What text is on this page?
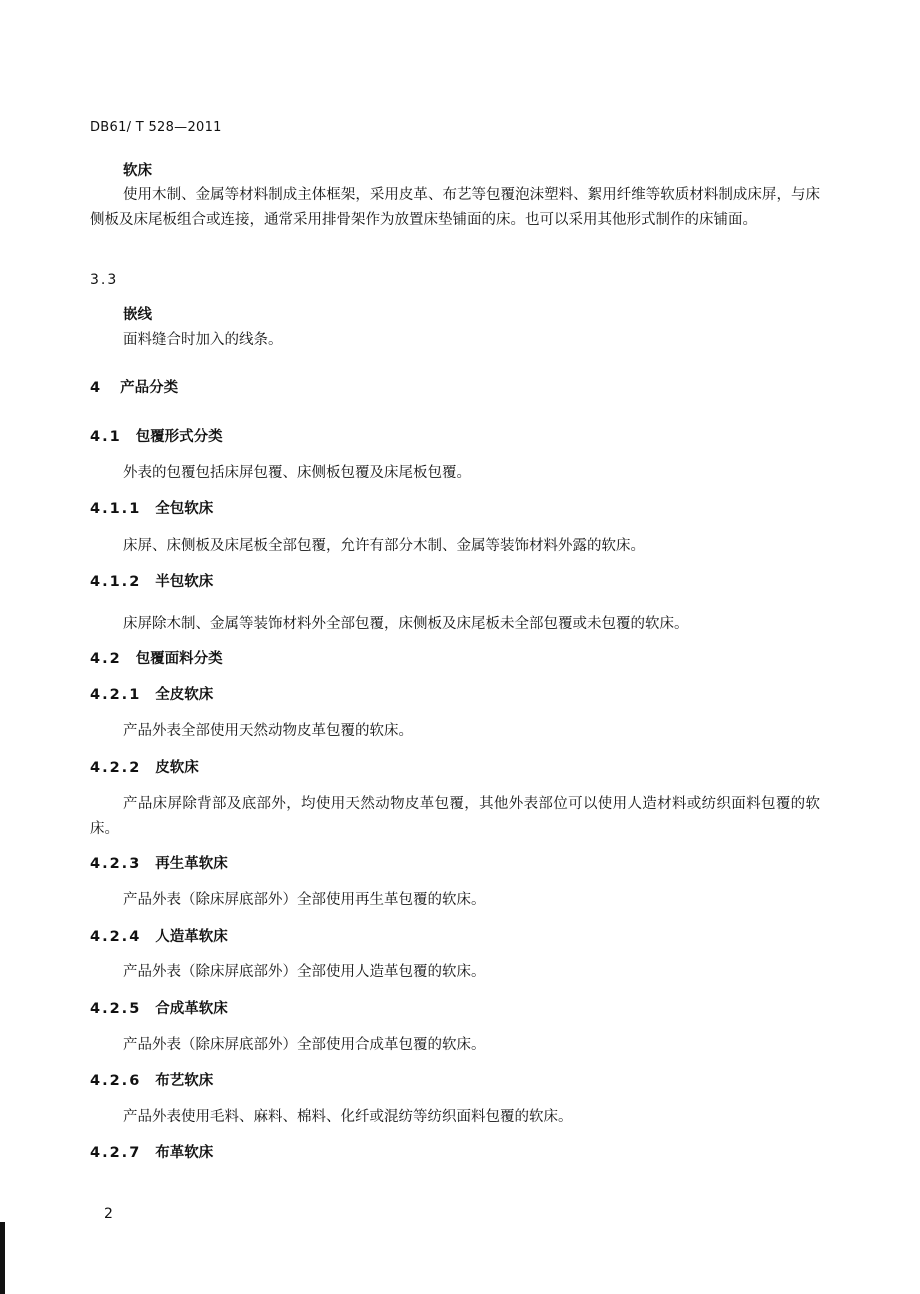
DB61/ T 528—2011
软床
使用木制、金属等材料制成主体框架，采用皮革、布艺等包覆泡沫塑料、絮用纤维等软质材料制成床屏，与床侧板及床尾板组合或连接，通常采用排骨架作为放置床垫铺面的床。也可以采用其他形式制作的床铺面。
3.3
嵌线
面料缝合时加入的线条。
4 产品分类
4.1 包覆形式分类
外表的包覆包括床屏包覆、床侧板包覆及床尾板包覆。
4.1.1 全包软床
床屏、床侧板及床尾板全部包覆，允许有部分木制、金属等装饰材料外露的软床。
4.1.2 半包软床
床屏除木制、金属等装饰材料外全部包覆，床侧板及床尾板未全部包覆或未包覆的软床。
4.2 包覆面料分类
4.2.1 全皮软床
产品外表全部使用天然动物皮革包覆的软床。
4.2.2 皮软床
产品床屏除背部及底部外，均使用天然动物皮革包覆，其他外表部位可以使用人造材料或纺织面料包覆的软床。
4.2.3 再生革软床
产品外表（除床屏底部外）全部使用再生革包覆的软床。
4.2.4 人造革软床
产品外表（除床屏底部外）全部使用人造革包覆的软床。
4.2.5 合成革软床
产品外表（除床屏底部外）全部使用合成革包覆的软床。
4.2.6 布艺软床
产品外表使用毛料、麻料、棉料、化纤或混纺等纺织面料包覆的软床。
4.2.7 布革软床
2
